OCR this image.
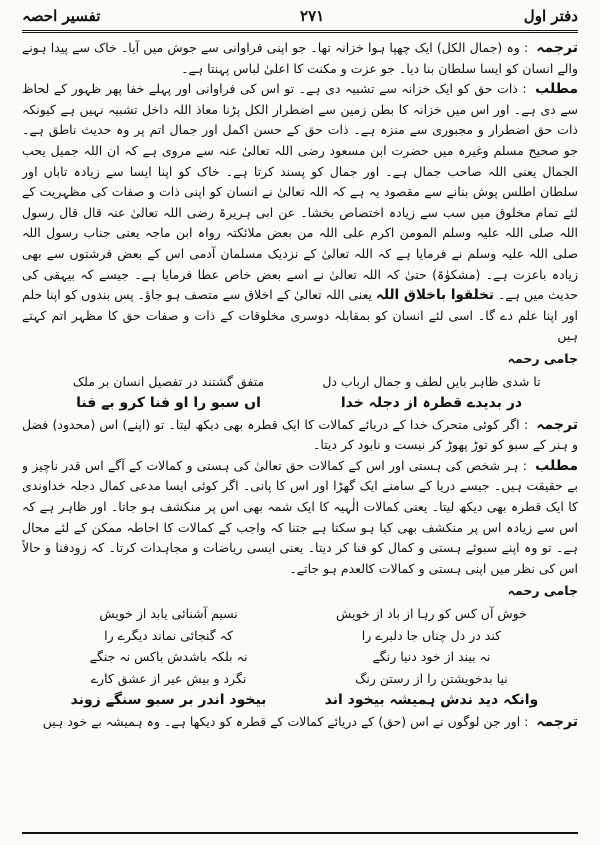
دفتر اول
۲۷۱
تفسیر احصہ

ترجمہ : وہ (جمال الکل) ایک چھپا ہوا خزانہ تھا۔ جو اپنی فراوانی سے جوش میں آیا۔ خاک سے پیدا ہونے والے انسان کو ایسا سلطان بنا دیا۔ جو عزت و مکنت کا اعلیٰ لباس پہنتا ہے۔

مطلب : ذات حق کو ایک خزانہ سے تشبیہ دی ہے۔ تو اس کی فراوانی اور پہلے خفا پھر ظہور کے لحاظ سے دی ہے۔ اور اس میں خزانہ کا بطن زمین سے اضطرار الکل پڑنا معاذ اللہ داخل تشبیہ نہیں ہے کیونکہ ذات حق اضطرار و مجبوری سے منزہ ہے۔ ذات حق کے حسن اکمل اور جمال اتم پر وہ حدیث ناطق ہے۔ جو صحیح مسلم وغیرہ میں حضرت ابن مسعود رضی اللہ تعالیٰ عنہ سے مروی ہے کہ ان اللہ جمیل یحب الجمال یعنی اللہ صاحب جمال ہے۔ اور جمال کو پسند کرتا ہے۔ خاک کو اپنا ایسا سے زیادہ تاباں اور سلطان اطلس پوش بنانے سے مقصود یہ ہے کہ اللہ تعالیٰ نے انسان کو اپنی ذات و صفات کی مظہریت کے لئے تمام مخلوق میں سب سے زیادہ اختصاص بخشا۔ عن ابی ہریرۃ رضی اللہ تعالیٰ عنہ قال قال رسول اللہ صلی اللہ علیہ وسلم المومن اکرم علی اللہ من بعض ملائکتہ رواہ ابن ماجہ یعنی جناب رسول اللہ صلی اللہ علیہ وسلم نے فرمایا ہے کہ اللہ تعالیٰ کے نزدیک مسلمان آدمی اس کے بعض فرشتوں سے بھی زیادہ باعزت ہے۔ (مشکوٰۃ) حتیٰ کہ اللہ تعالیٰ نے اسے بعض خاص عطا فرمایا ہے۔ جیسے کہ بیہقی کی حدیث میں ہے۔ تخلقوا باخلاق اللہ یعنی اللہ تعالیٰ کے اخلاق سے متصف ہو جاؤ۔ پس بندوں کو اپنا حلم اور اپنا علم دے گا۔ اسی لئے انسان کو بمقابلہ دوسری مخلوقات کے ذات و صفات حق کا مظہر اتم کہتے ہیں

جامی رحمہ
تا شدی ظاہر بایں لطف و جمال ارباب دل
متفق گشتند در تفصیل انسان بر ملک
در بدیدے قطرہ از دجلہ خدا
اں سبو را او فنا کرو بے فنا

ترجمہ : اگر کوئی متحرک خدا کے دریائے کمالات کا ایک قطرہ بھی دیکھ لیتا۔ تو (اپنے) اس (محدود) فضل و ہنر کے سبو کو توڑ پھوڑ کر نیست و نابود کر دیتا۔

مطلب : ہر شخص کی ہستی اور اس کے کمالات حق تعالیٰ کی ہستی و کمالات کے آگے اس قدر ناچیز و بے حقیقت ہیں۔ جیسے دریا کے سامنے ایک گھڑا اور اس کا پانی۔ اگر کوئی ایسا مدعی کمال دجلہ خداوندی کا ایک قطرہ بھی دیکھ لیتا۔ یعنی کمالات الٰہیہ کا ایک شمہ بھی اس پر منکشف ہو جاتا۔ اور ظاہر ہے کہ اس سے زیادہ اس پر منکشف بھی کیا ہو سکتا ہے جتنا کہ واجب کے کمالات کا احاطہ ممکن کے لئے محال ہے۔ تو وہ اپنے سبوئے ہستی و کمال کو فنا کر دیتا۔ یعنی ایسی ریاضات و مجاہدات کرتا۔ کہ زودفنا و حالاً اس کی نظر میں اپنی ہستی و کمالات کالعدم ہو جاتے۔

جامی رحمہ
خوش آں کس کو رہا از باد از خویش
نسیم آشنائی یابد از خویش
کند در دل چناں جا دلبرے را
کہ گنجائی نماند دیگرے را
نہ بیند از خود دنیا رنگے
نہ بلکہ باشدش باکس نہ جنگے
نیا بدخویشتن را از رستن رنگ
نگرد و بیش عیر از عشق کارے
وانکہ دید ندش ہمیشہ بیخود اند
بیخود اندر بر سبو سنگے زوند

ترجمہ : اور جن لوگوں نے اس (حق) کے دریائے کمالات کے قطرہ کو دیکھا ہے۔ وہ ہمیشہ بے خود ہیں
